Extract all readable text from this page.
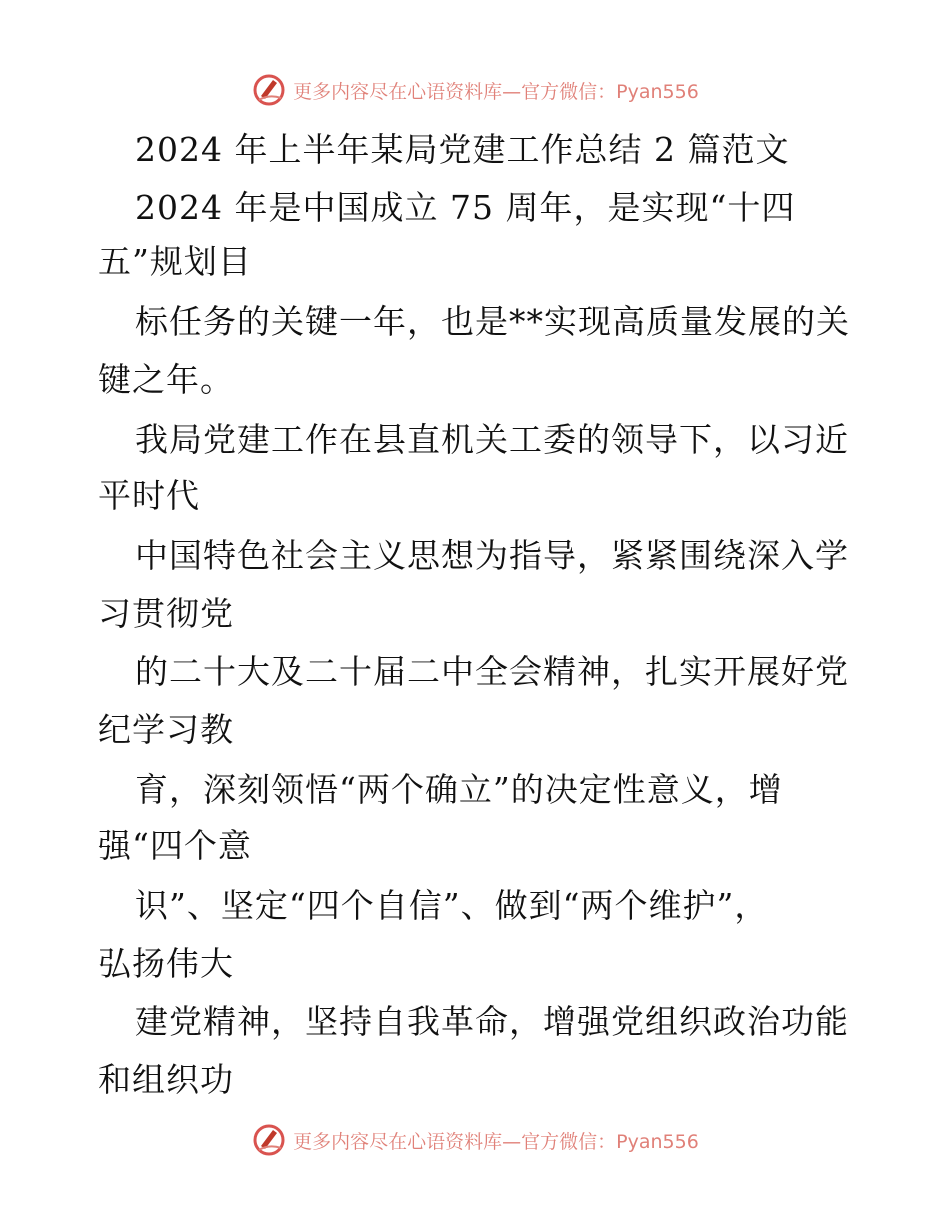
更多内容尽在心语资料库—官方微信：Pyan556
2024 年上半年某局党建工作总结 2 篇范文
2024 年是中国成立 75 周年，是实现“十四
五”规划目
标任务的关键一年，也是**实现高质量发展的关
键之年。
我局党建工作在县直机关工委的领导下，以习近
平时代
中国特色社会主义思想为指导，紧紧围绕深入学
习贯彻党
的二十大及二十届二中全会精神，扎实开展好党
纪学习教
育，深刻领悟“两个确立”的决定性意义，增
强“四个意
识”、坚定“四个自信”、做到“两个维护”，
弘扬伟大
建党精神，坚持自我革命，增强党组织政治功能
和组织功
更多内容尽在心语资料库—官方微信：Pyan556
